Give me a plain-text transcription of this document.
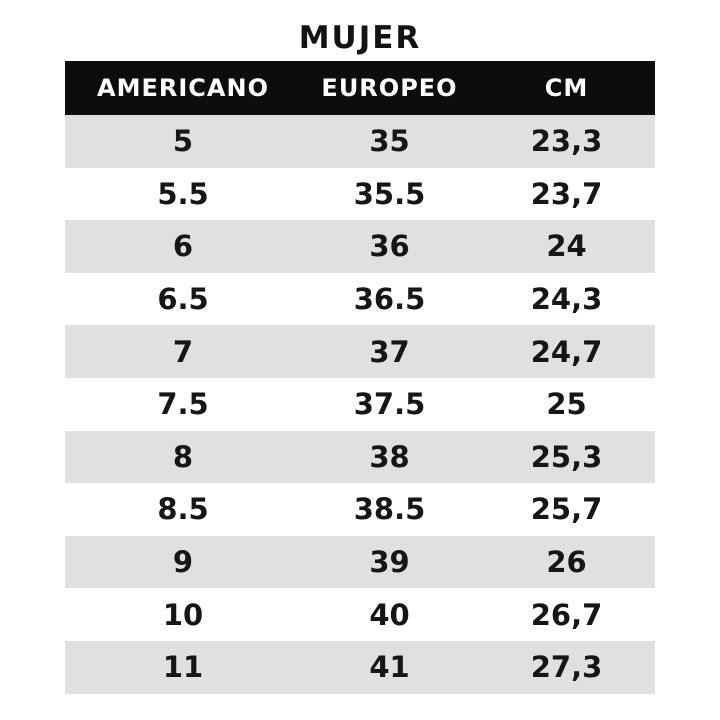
MUJER
AMERICANO	EUROPEO	CM
5	35	23,3
5.5	35.5	23,7
6	36	24
6.5	36.5	24,3
7	37	24,7
7.5	37.5	25
8	38	25,3
8.5	38.5	25,7
9	39	26
10	40	26,7
11	41	27,3
